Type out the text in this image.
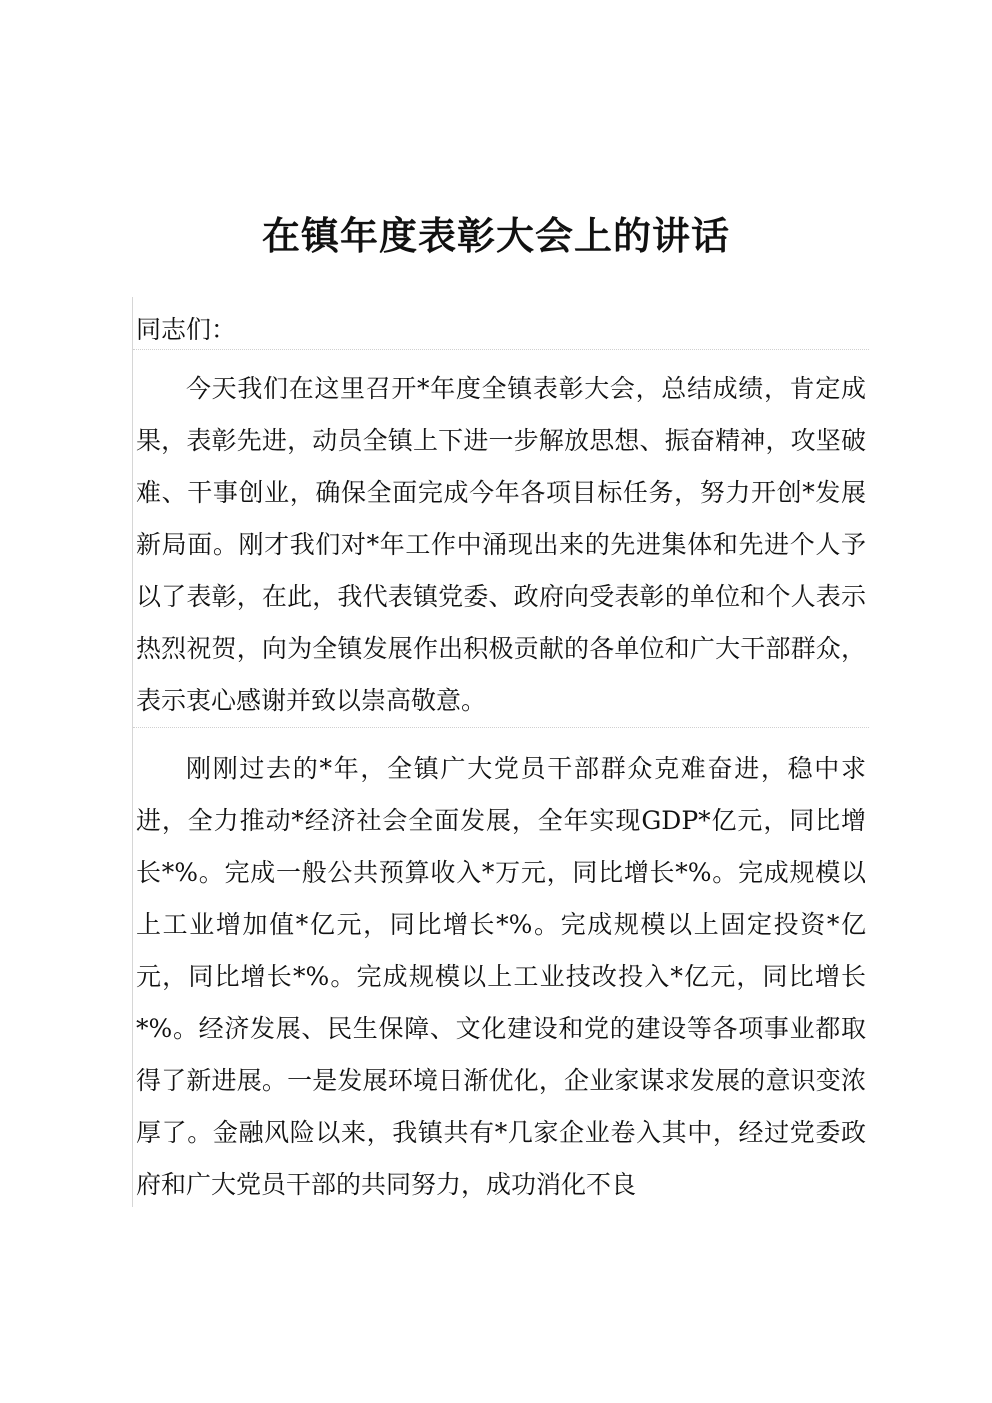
在镇年度表彰大会上的讲话

同志们：

今天我们在这里召开*年度全镇表彰大会，总结成绩，肯定成果，表彰先进，动员全镇上下进一步解放思想、振奋精神，攻坚破难、干事创业，确保全面完成今年各项目标任务，努力开创*发展新局面。刚才我们对*年工作中涌现出来的先进集体和先进个人予以了表彰，在此，我代表镇党委、政府向受表彰的单位和个人表示热烈祝贺，向为全镇发展作出积极贡献的各单位和广大干部群众，表示衷心感谢并致以崇高敬意。

刚刚过去的*年，全镇广大党员干部群众克难奋进，稳中求进，全力推动*经济社会全面发展，全年实现GDP*亿元，同比增长*%。完成一般公共预算收入*万元，同比增长*%。完成规模以上工业增加值*亿元，同比增长*%。完成规模以上固定投资*亿元，同比增长*%。完成规模以上工业技改投入*亿元，同比增长*%。经济发展、民生保障、文化建设和党的建设等各项事业都取得了新进展。一是发展环境日渐优化，企业家谋求发展的意识变浓厚了。金融风险以来，我镇共有*几家企业卷入其中，经过党委政府和广大党员干部的共同努力，成功消化不良
